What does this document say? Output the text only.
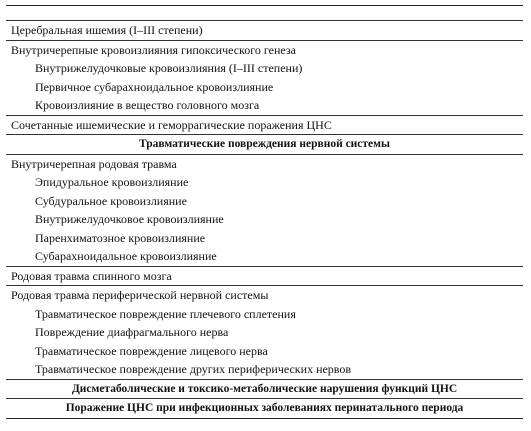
Церебральная ишемия (I–III степени)
Внутричерепные кровоизлияния гипоксического генеза
Внутрижелудочковые кровоизлияния (I–III степени)
Первичное субарахноидальное кровоизлияние
Кровоизлияние в вещество головного мозга
Сочетанные ишемические и геморрагические поражения ЦНС
Травматические повреждения нервной системы
Внутричерепная родовая травма
Эпидуральное кровоизлияние
Субдуральное кровоизлияние
Внутрижелудочковое кровоизлияние
Паренхиматозное кровоизлияние
Субарахноидальное кровоизлияние
Родовая травма спинного мозга
Родовая травма периферической нервной системы
Травматическое повреждение плечевого сплетения
Повреждение диафрагмального нерва
Травматическое повреждение лицевого нерва
Травматическое повреждение других периферических нервов
Дисметаболические и токсико-метаболические нарушения функций ЦНС
Поражение ЦНС при инфекционных заболеваниях перинатального периода
